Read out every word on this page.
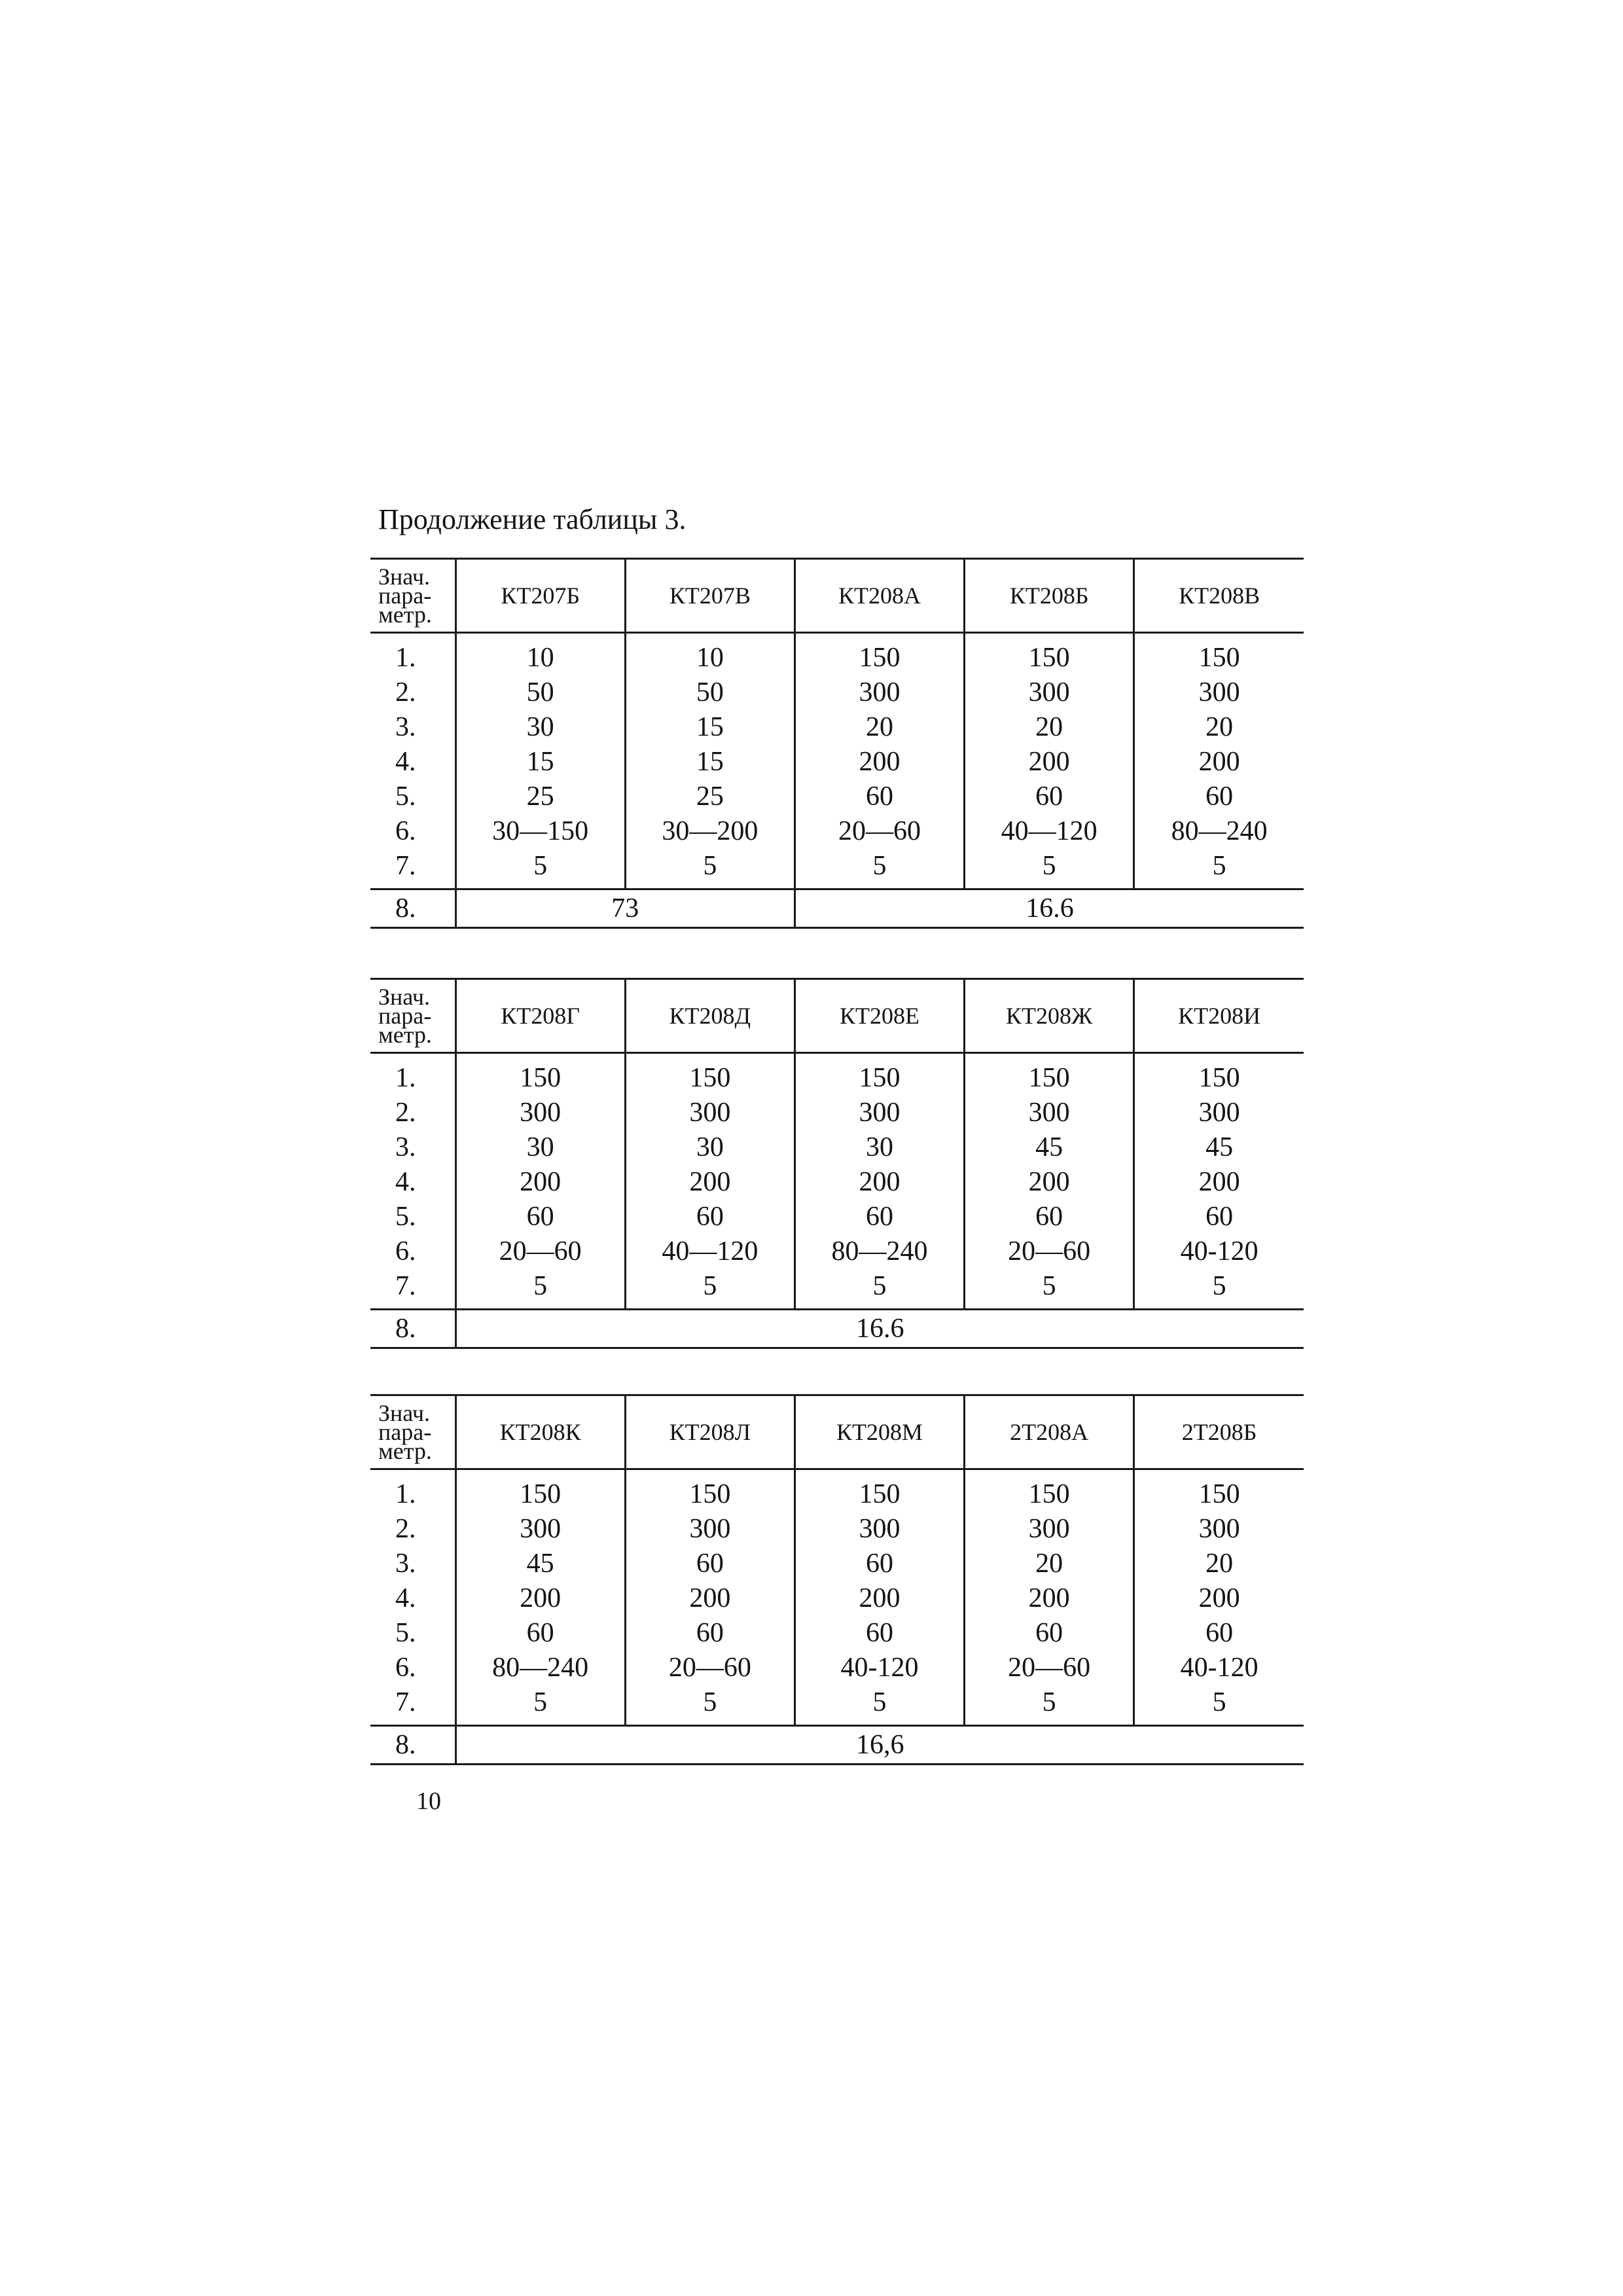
Продолжение таблицы 3.
Знач.
пара-
метр.	КТ207Б	КТ207В	КТ208А	КТ208Б	КТ208В
1.	10	10	150	150	150
2.	50	50	300	300	300
3.	30	15	20	20	20
4.	15	15	200	200	200
5.	25	25	60	60	60
6.	30—150	30—200	20—60	40—120	80—240
7.	5	5	5	5	5
8.	73		16.6		
Знач.
пара-
метр.	КТ208Г	КТ208Д	КТ208Е	КТ208Ж	КТ208И
1.	150	150	150	150	150
2.	300	300	300	300	300
3.	30	30	30	45	45
4.	200	200	200	200	200
5.	60	60	60	60	60
6.	20—60	40—120	80—240	20—60	40-120
7.	5	5	5	5	5
8.	16.6				
Знач.
пара-
метр.	КТ208К	КТ208Л	КТ208М	2Т208А	2Т208Б
1.	150	150	150	150	150
2.	300	300	300	300	300
3.	45	60	60	20	20
4.	200	200	200	200	200
5.	60	60	60	60	60
6.	80—240	20—60	40-120	20—60	40-120
7.	5	5	5	5	5
8.	16,6				
10
